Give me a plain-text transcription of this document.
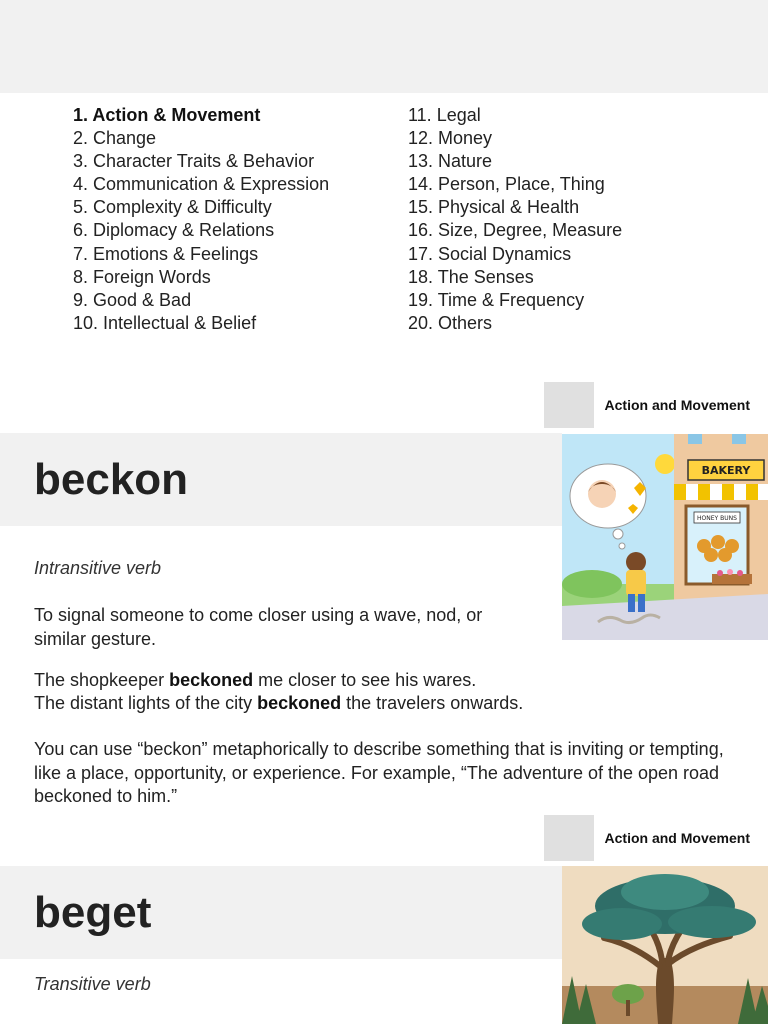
1. Action & Movement
2. Change
3. Character Traits & Behavior
4. Communication & Expression
5. Complexity & Difficulty
6. Diplomacy & Relations
7. Emotions & Feelings
8. Foreign Words
9. Good & Bad
10. Intellectual & Belief
11. Legal
12. Money
13. Nature
14. Person, Place, Thing
15. Physical & Health
16. Size, Degree, Measure
17. Social Dynamics
18. The Senses
19. Time & Frequency
20. Others
Action and Movement
beckon	BAKERY
HONEY BUNS
Intransitive verb

To signal someone to come closer using a wave, nod, or similar gesture.

The shopkeeper beckoned me closer to see his wares.

The distant lights of the city beckoned the travelers onwards.

You can use “beckon” metaphorically to describe something that is inviting or tempting, like a place, opportunity, or experience. For example, “The adventure of the open road beckoned to him.”

Action and Movement
beget
Transitive verb
